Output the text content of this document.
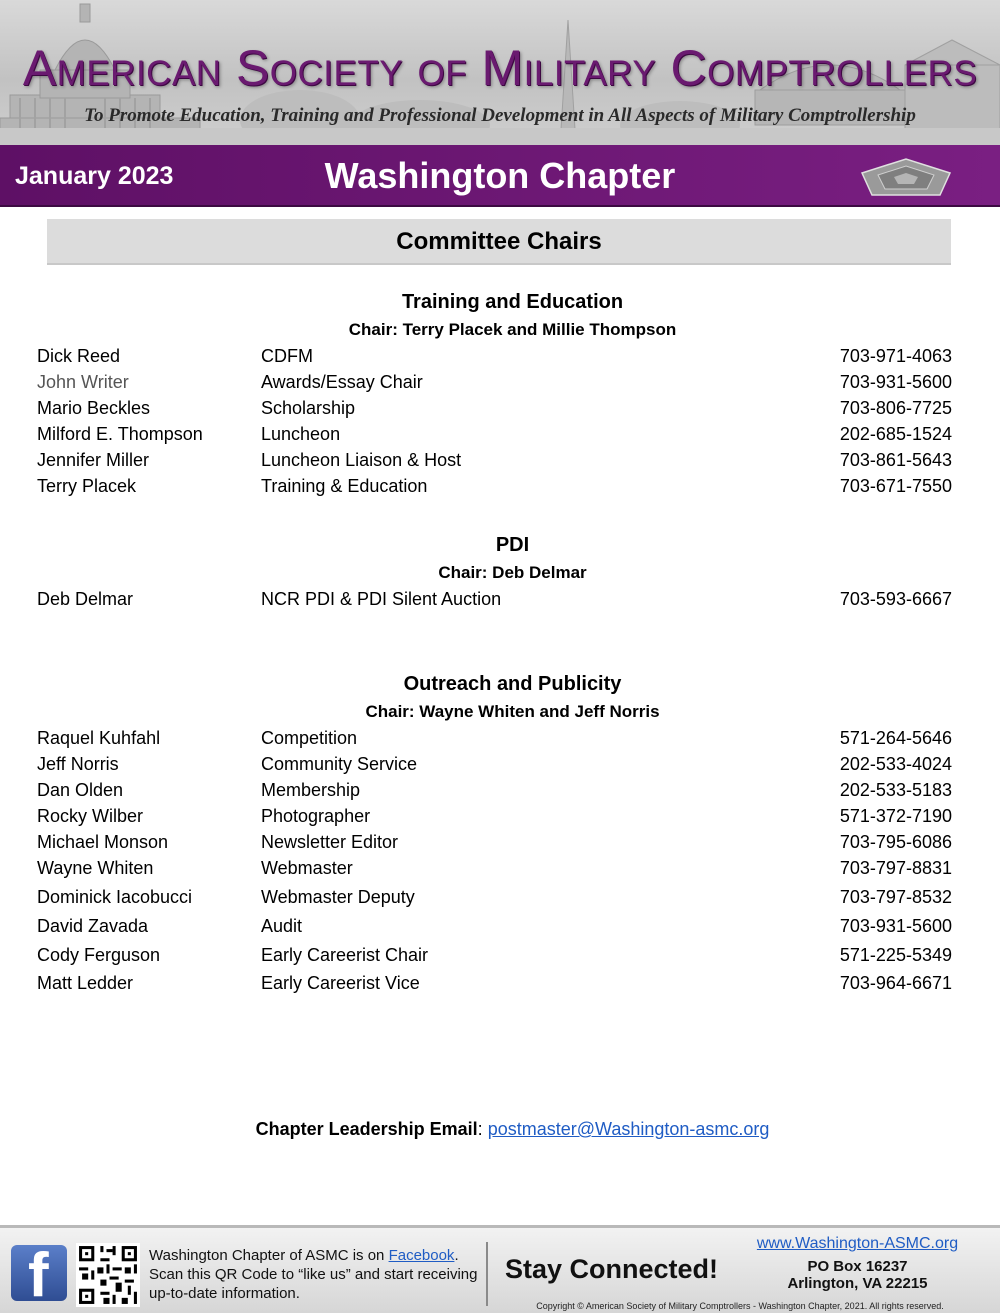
American Society of Military Comptrollers
To Promote Education, Training and Professional Development in All Aspects of Military Comptrollership
January 2023	Washington Chapter
Committee Chairs
Training and Education
Chair: Terry Placek and Millie Thompson
Dick Reed	CDFM	703-971-4063
John Writer	Awards/Essay Chair	703-931-5600
Mario Beckles	Scholarship	703-806-7725
Milford E. Thompson	Luncheon	202-685-1524
Jennifer Miller	Luncheon Liaison & Host	703-861-5643
Terry Placek	Training & Education	703-671-7550
PDI
Chair: Deb Delmar
Deb Delmar	NCR PDI & PDI Silent Auction	703-593-6667
Outreach and Publicity
Chair: Wayne Whiten and Jeff Norris
Raquel Kuhfahl	Competition	571-264-5646
Jeff Norris	Community Service	202-533-4024
Dan Olden	Membership	202-533-5183
Rocky Wilber	Photographer	571-372-7190
Michael Monson	Newsletter Editor	703-795-6086
Wayne Whiten	Webmaster	703-797-8831
Dominick Iacobucci	Webmaster Deputy	703-797-8532
David Zavada	Audit	703-931-5600
Cody Ferguson	Early Careerist Chair	571-225-5349
Matt Ledder	Early Careerist Vice	703-964-6671
Chapter Leadership Email: postmaster@Washington-asmc.org
f	Washington Chapter of ASMC is on Facebook. Scan this QR Code to “like us” and start receiving up-to-date information.
Stay Connected!
www.Washington-ASMC.org
PO Box 16237
Arlington, VA 22215
Copyright © American Society of Military Comptrollers - Washington Chapter, 2021. All rights reserved.
